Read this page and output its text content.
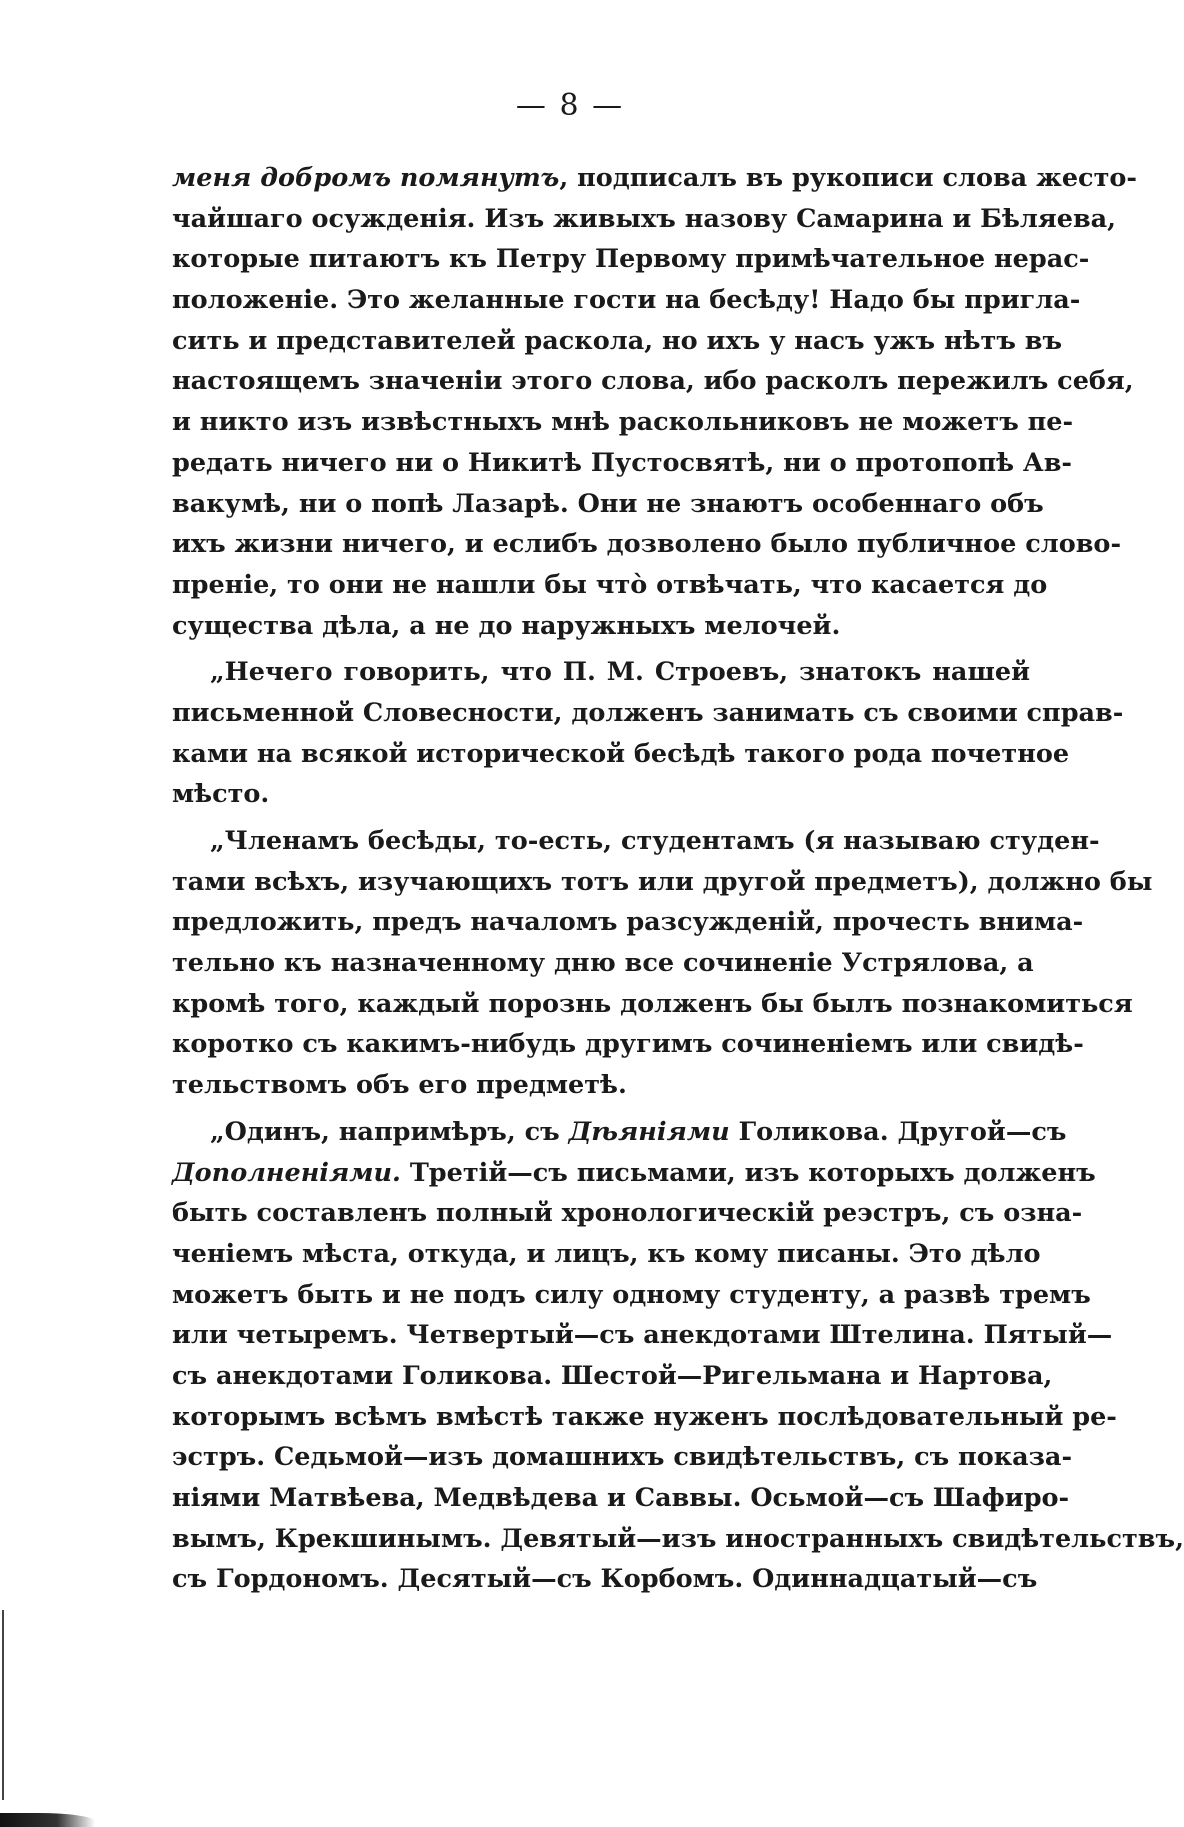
— 8 —
меня добромъ помянутъ, подписалъ въ рукописи слова жесто-
чайшаго осужденія. Изъ живыхъ назову Самарина и Бѣляева,
которые питаютъ къ Петру Первому примѣчательное нерас-
положеніе. Это желанные гости на бесѣду! Надо бы пригла-
сить и представителей раскола, но ихъ у насъ ужъ нѣтъ въ
настоящемъ значеніи этого слова, ибо расколъ пережилъ себя,
и никто изъ извѣстныхъ мнѣ раскольниковъ не можетъ пе-
редать ничего ни о Никитѣ Пустосвятѣ, ни о протопопѣ Ав-
вакумѣ, ни о попѣ Лазарѣ. Они не знаютъ особеннаго объ
ихъ жизни ничего, и еслибъ дозволено было публичное слово-
преніе, то они не нашли бы чтò отвѣчать, что касается до
существа дѣла, а не до наружныхъ мелочей.
„Нечего говорить, что П. М. Строевъ, знатокъ нашей
письменной Словесности, долженъ занимать съ своими справ-
ками на всякой исторической бесѣдѣ такого рода почетное
мѣсто.
„Членамъ бесѣды, то-есть, студентамъ (я называю студен-
тами всѣхъ, изучающихъ тотъ или другой предметъ), должно бы
предложить, предъ началомъ разсужденій, прочесть внима-
тельно къ назначенному дню все сочиненіе Устрялова, а
кромѣ того, каждый порознь долженъ бы былъ познакомиться
коротко съ какимъ-нибудь другимъ сочиненіемъ или свидѣ-
тельствомъ объ его предметѣ.
„Одинъ, напримѣръ, съ Дѣяніями Голикова. Другой—съ
Дополненіями. Третій—съ письмами, изъ которыхъ долженъ
быть составленъ полный хронологическій реэстръ, съ озна-
ченіемъ мѣста, откуда, и лицъ, къ кому писаны. Это дѣло
можетъ быть и не подъ силу одному студенту, а развѣ тремъ
или четыремъ. Четвертый—съ анекдотами Штелина. Пятый—
съ анекдотами Голикова. Шестой—Ригельмана и Нартова,
которымъ всѣмъ вмѣстѣ также нуженъ послѣдовательный ре-
эстръ. Седьмой—изъ домашнихъ свидѣтельствъ, съ показа-
ніями Матвѣева, Медвѣдева и Саввы. Осьмой—съ Шафиро-
вымъ, Крекшинымъ. Девятый—изъ иностранныхъ свидѣтельствъ,
съ Гордономъ. Десятый—съ Корбомъ. Одиннадцатый—съ
